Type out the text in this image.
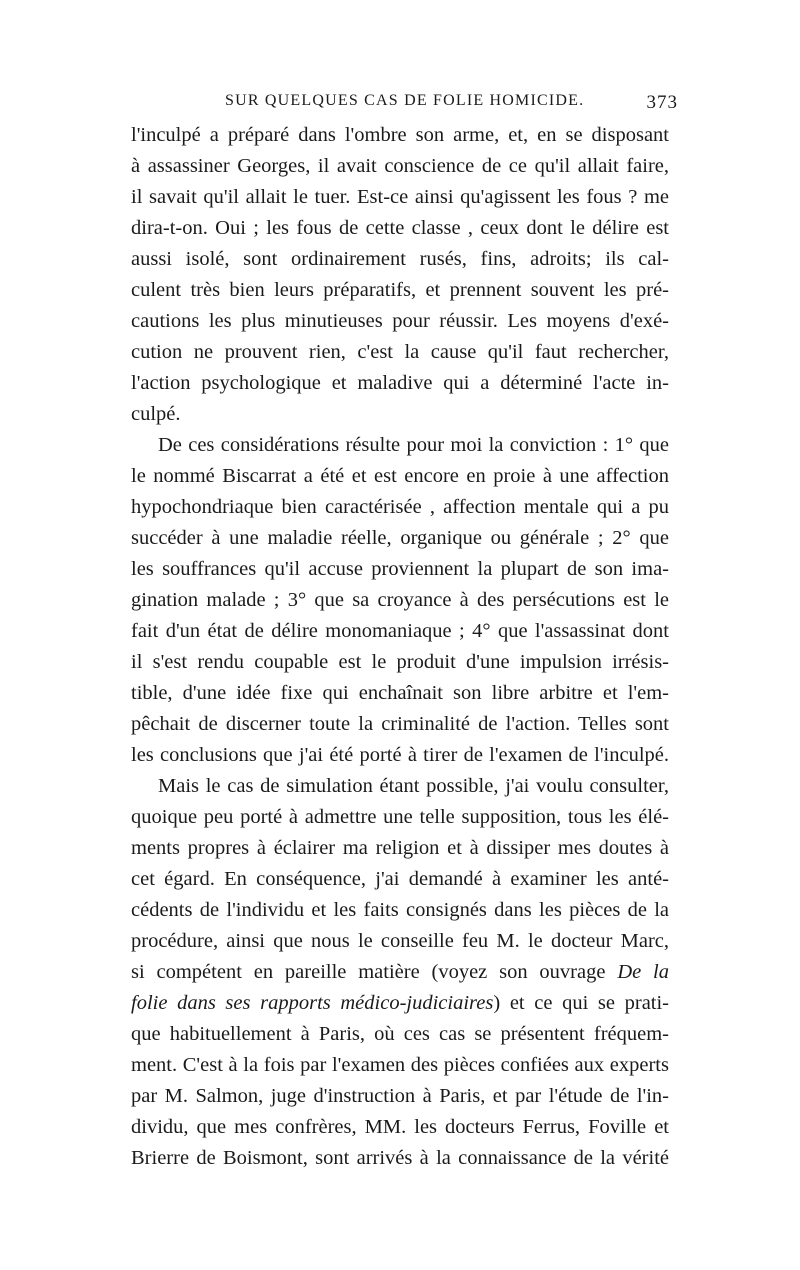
SUR QUELQUES CAS DE FOLIE HOMICIDE.	373
l'inculpé a préparé dans l'ombre son arme, et, en se disposant
à assassiner Georges, il avait conscience de ce qu'il allait faire,
il savait qu'il allait le tuer. Est-ce ainsi qu'agissent les fous ? me
dira-t-on. Oui ; les fous de cette classe , ceux dont le délire est
aussi isolé, sont ordinairement rusés, fins, adroits; ils cal-
culent très bien leurs préparatifs, et prennent souvent les pré-
cautions les plus minutieuses pour réussir. Les moyens d'exé-
cution ne prouvent rien, c'est la cause qu'il faut rechercher,
l'action psychologique et maladive qui a déterminé l'acte in-
culpé.
De ces considérations résulte pour moi la conviction : 1° que
le nommé Biscarrat a été et est encore en proie à une affection
hypochondriaque bien caractérisée , affection mentale qui a pu
succéder à une maladie réelle, organique ou générale ; 2° que
les souffrances qu'il accuse proviennent la plupart de son ima-
gination malade ; 3° que sa croyance à des persécutions est le
fait d'un état de délire monomaniaque ; 4° que l'assassinat dont
il s'est rendu coupable est le produit d'une impulsion irrésis-
tible, d'une idée fixe qui enchaînait son libre arbitre et l'em-
pêchait de discerner toute la criminalité de l'action. Telles sont
les conclusions que j'ai été porté à tirer de l'examen de l'inculpé.
Mais le cas de simulation étant possible, j'ai voulu consulter,
quoique peu porté à admettre une telle supposition, tous les élé-
ments propres à éclairer ma religion et à dissiper mes doutes à
cet égard. En conséquence, j'ai demandé à examiner les anté-
cédents de l'individu et les faits consignés dans les pièces de la
procédure, ainsi que nous le conseille feu M. le docteur Marc,
si compétent en pareille matière (voyez son ouvrage De la
folie dans ses rapports médico-judiciaires) et ce qui se prati-
que habituellement à Paris, où ces cas se présentent fréquem-
ment. C'est à la fois par l'examen des pièces confiées aux experts
par M. Salmon, juge d'instruction à Paris, et par l'étude de l'in-
dividu, que mes confrères, MM. les docteurs Ferrus, Foville et
Brierre de Boismont, sont arrivés à la connaissance de la vérité
